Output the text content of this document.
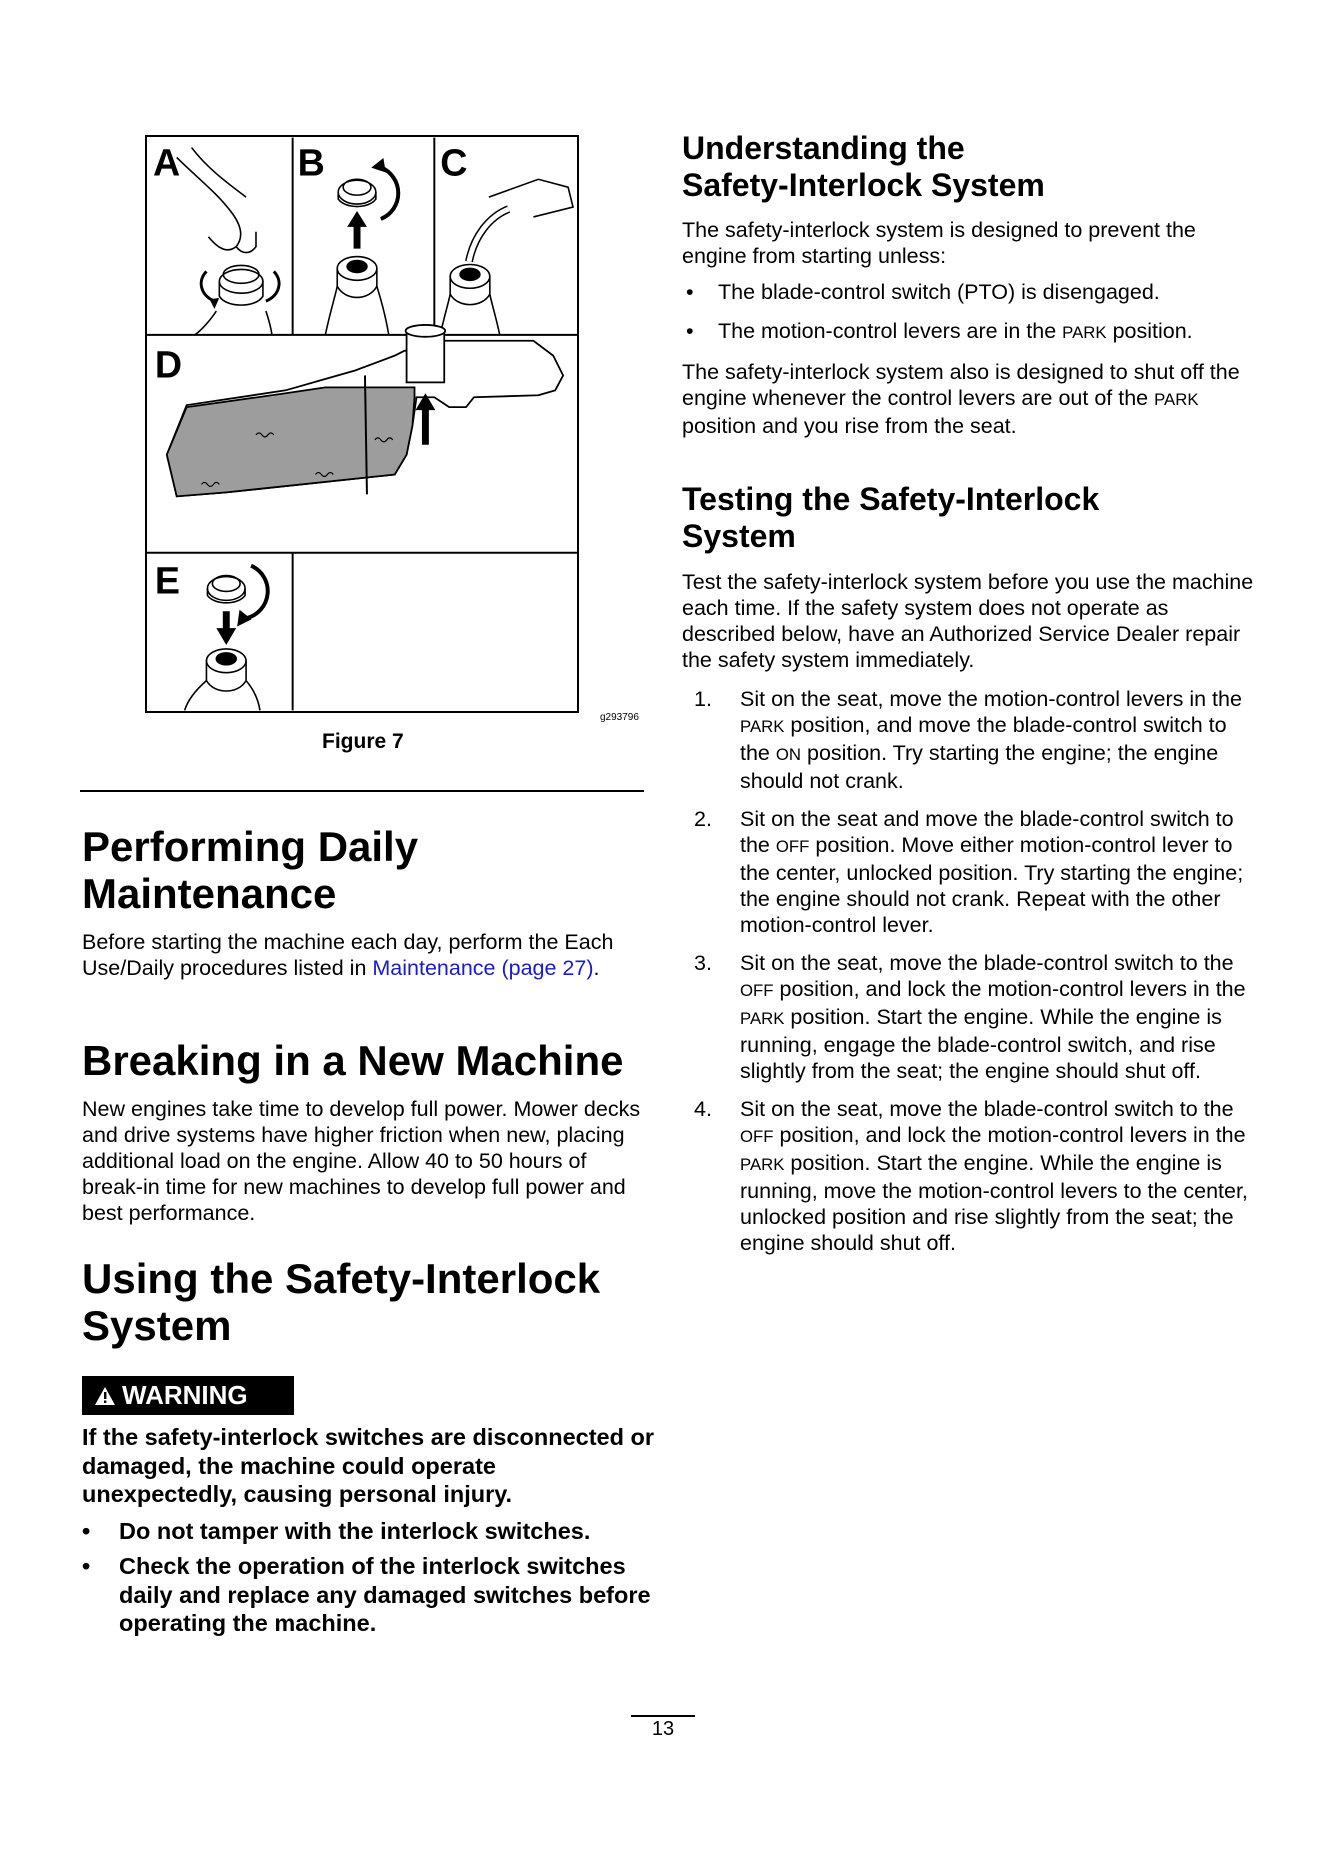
A	B	C
D
E
g293796
Figure 7
Performing Daily
Maintenance

Before starting the machine each day, perform the Each Use/Daily procedures listed in Maintenance (page 27).

Breaking in a New Machine

New engines take time to develop full power. Mower decks and drive systems have higher friction when new, placing additional load on the engine. Allow 40 to 50 hours of break-in time for new machines to develop full power and best performance.

Using the Safety-Interlock
System
WARNING

If the safety-interlock switches are disconnected or damaged, the machine could operate unexpectedly, causing personal injury.

• Do not tamper with the interlock switches.
• Check the operation of the interlock switches daily and replace any damaged switches before operating the machine.
Understanding the
Safety-Interlock System

The safety-interlock system is designed to prevent the engine from starting unless:

• The blade-control switch (PTO) is disengaged.
• The motion-control levers are in the PARK position.

The safety-interlock system also is designed to shut off the engine whenever the control levers are out of the PARK position and you rise from the seat.

Testing the Safety-Interlock
System

Test the safety-interlock system before you use the machine each time. If the safety system does not operate as described below, have an Authorized Service Dealer repair the safety system immediately.

1. Sit on the seat, move the motion-control levers in the PARK position, and move the blade-control switch to the ON position. Try starting the engine; the engine should not crank.
2. Sit on the seat and move the blade-control switch to the OFF position. Move either motion-control lever to the center, unlocked position. Try starting the engine; the engine should not crank. Repeat with the other motion-control lever.
3. Sit on the seat, move the blade-control switch to the OFF position, and lock the motion-control levers in the PARK position. Start the engine. While the engine is running, engage the blade-control switch, and rise slightly from the seat; the engine should shut off.
4. Sit on the seat, move the blade-control switch to the OFF position, and lock the motion-control levers in the PARK position. Start the engine. While the engine is running, move the motion-control levers to the center, unlocked position and rise slightly from the seat; the engine should shut off.
13
